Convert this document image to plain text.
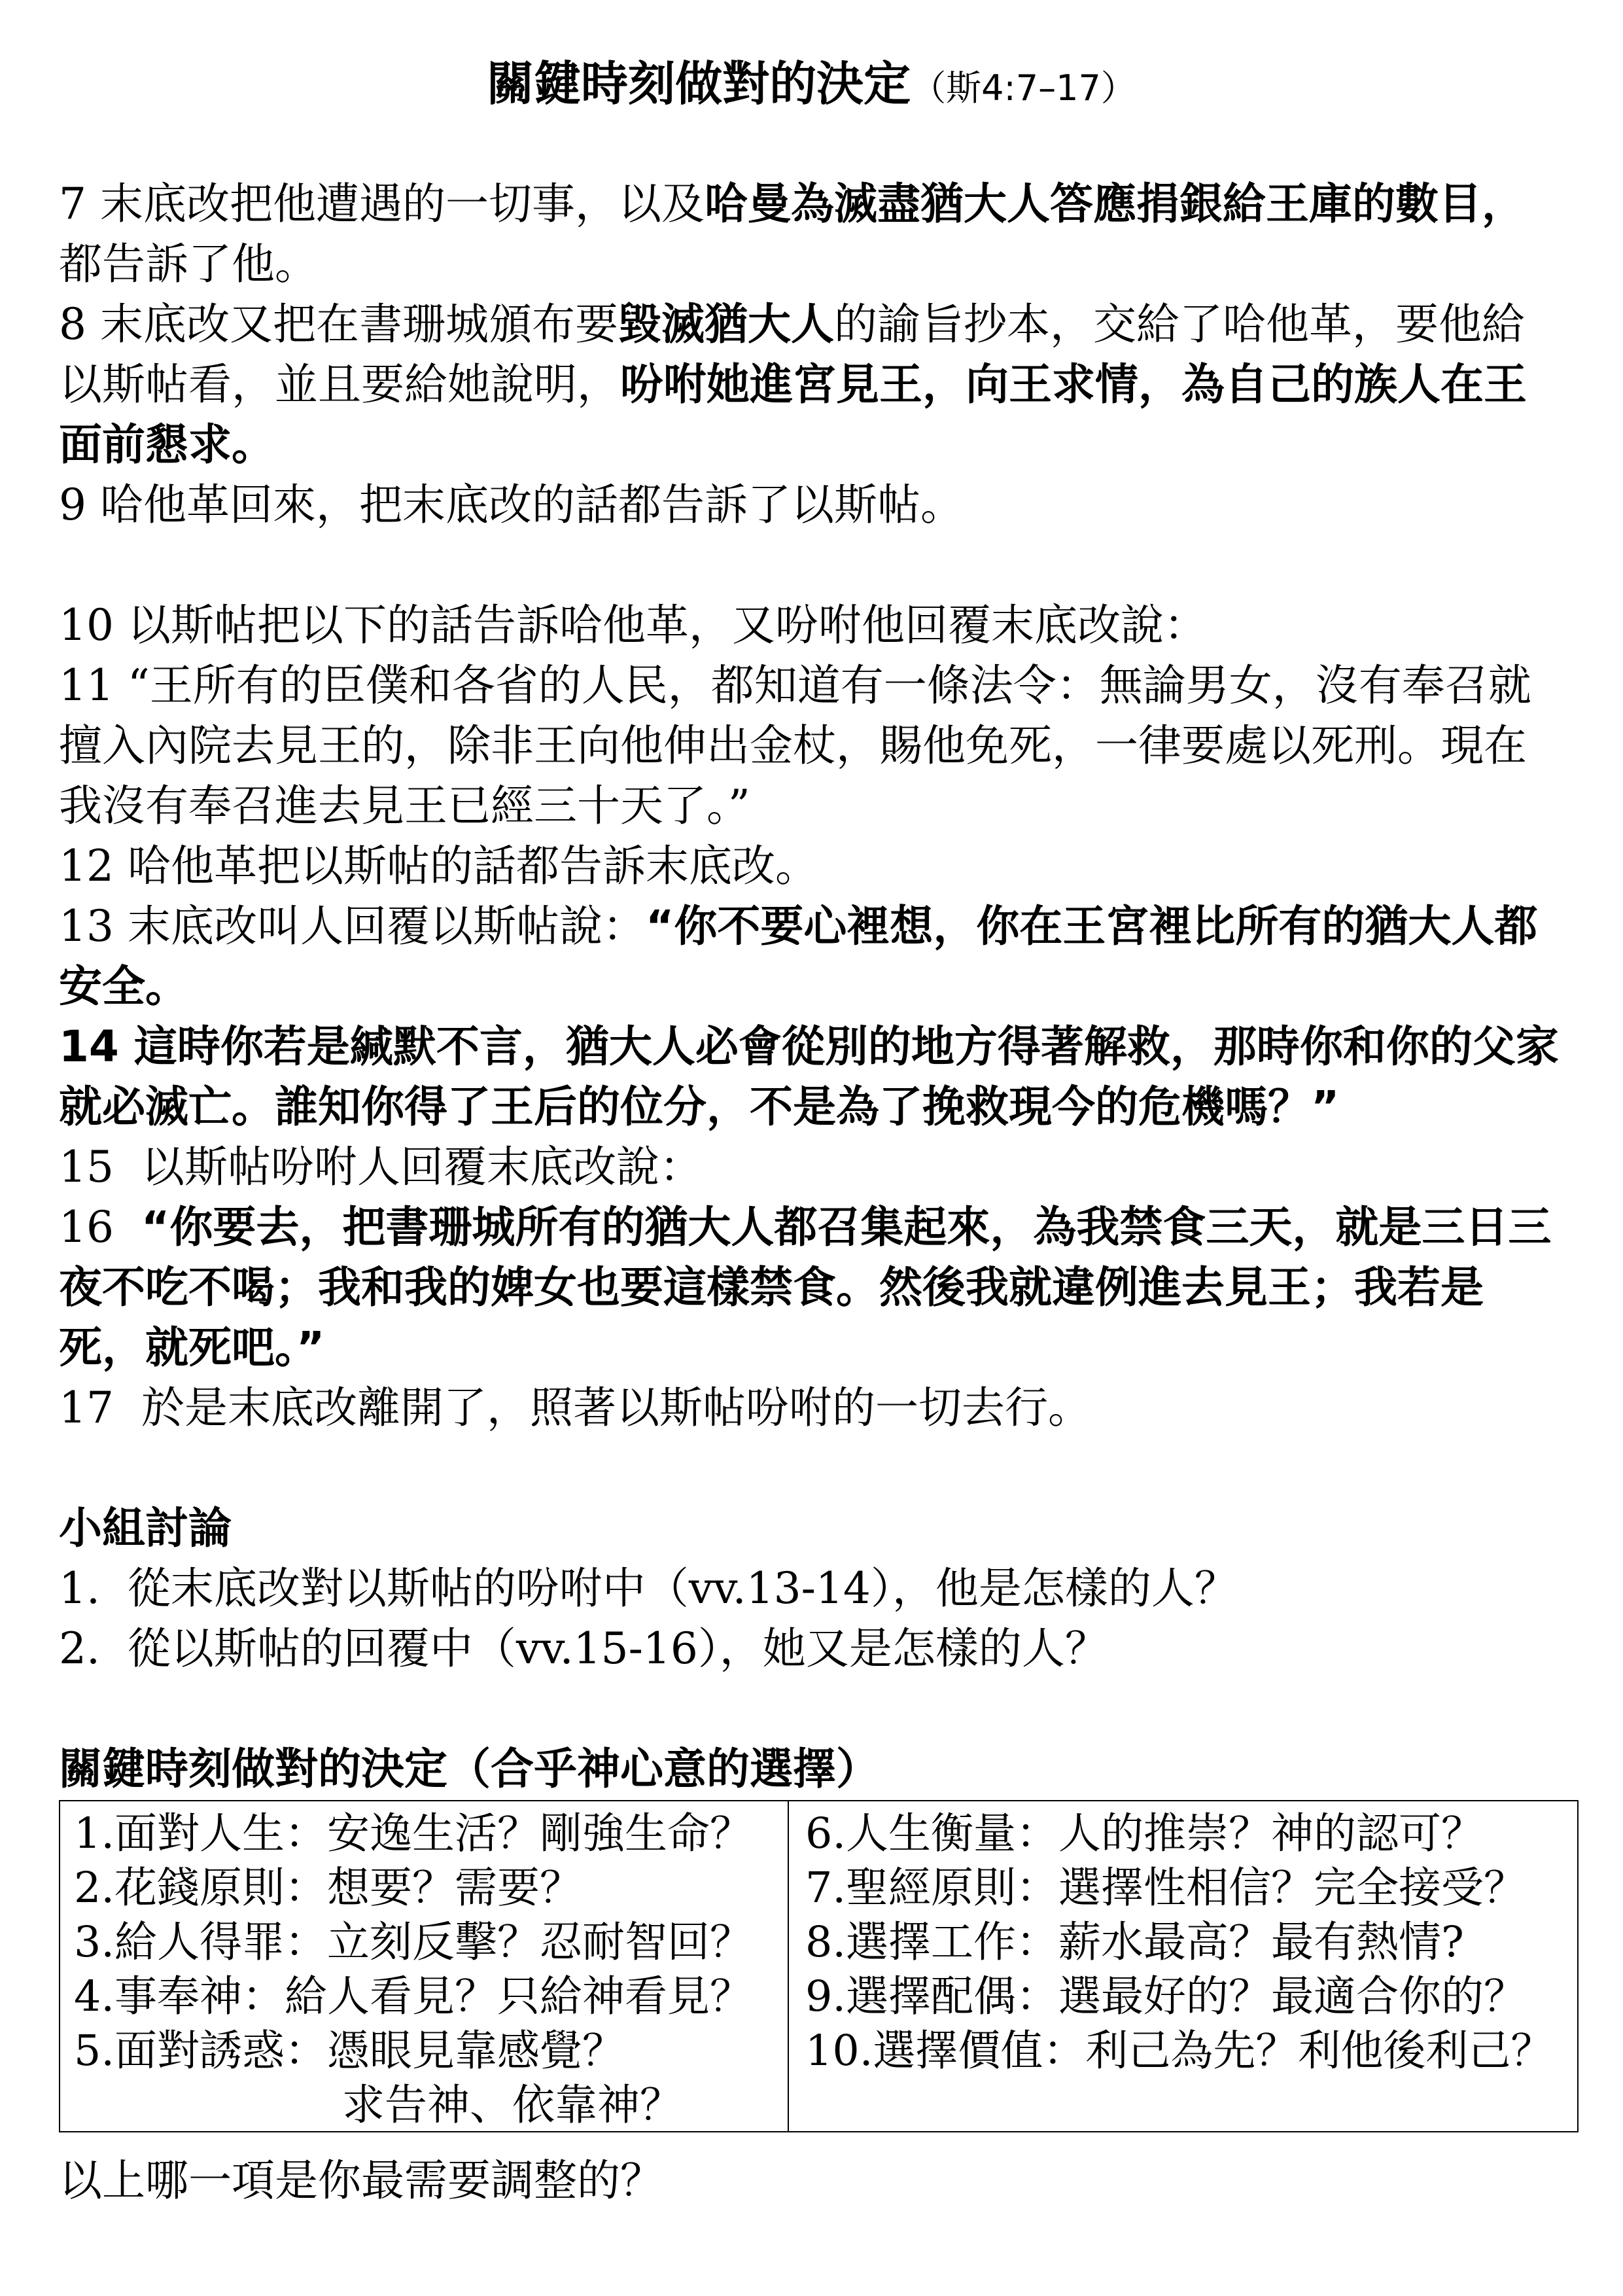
關鍵時刻做對的決定（斯4:7–17）
7 末底改把他遭遇的一切事，以及哈曼為滅盡猶大人答應捐銀給王庫的數目，
都告訴了他。
8 末底改又把在書珊城頒布要毀滅猶大人的諭旨抄本，交給了哈他革，要他給
以斯帖看，並且要給她說明，吩咐她進宮見王，向王求情，為自己的族人在王
面前懇求。
9 哈他革回來，把末底改的話都告訴了以斯帖。
10 以斯帖把以下的話告訴哈他革，又吩咐他回覆末底改說：
11 “王所有的臣僕和各省的人民，都知道有一條法令：無論男女，沒有奉召就
擅入內院去見王的，除非王向他伸出金杖，賜他免死，一律要處以死刑。現在
我沒有奉召進去見王已經三十天了。”
12 哈他革把以斯帖的話都告訴末底改。
13 末底改叫人回覆以斯帖說：“你不要心裡想，你在王宮裡比所有的猶大人都
安全。
14 這時你若是緘默不言，猶大人必會從別的地方得著解救，那時你和你的父家
就必滅亡。誰知你得了王后的位分，不是為了挽救現今的危機嗎？”
15  以斯帖吩咐人回覆末底改說：
16  “你要去，把書珊城所有的猶大人都召集起來，為我禁食三天，就是三日三
夜不吃不喝；我和我的婢女也要這樣禁食。然後我就違例進去見王；我若是
死，就死吧。”
17  於是末底改離開了，照著以斯帖吩咐的一切去行。
小組討論
1.  從末底改對以斯帖的吩咐中（vv.13-14），他是怎樣的人？
2.  從以斯帖的回覆中（vv.15-16），她又是怎樣的人？
關鍵時刻做對的決定（合乎神心意的選擇）
1.面對人生：安逸生活？剛強生命？
2.花錢原則：想要？需要？
3.給人得罪：立刻反擊？忍耐智回？
4.事奉神：給人看見？只給神看見？
5.面對誘惑：憑眼見靠感覺？
求告神、依靠神？
6.人生衡量：人的推崇？神的認可？
7.聖經原則：選擇性相信？完全接受？
8.選擇工作：薪水最高？最有熱情?
9.選擇配偶：選最好的？最適合你的？
10.選擇價值：利己為先？利他後利己？
以上哪一項是你最需要調整的？
